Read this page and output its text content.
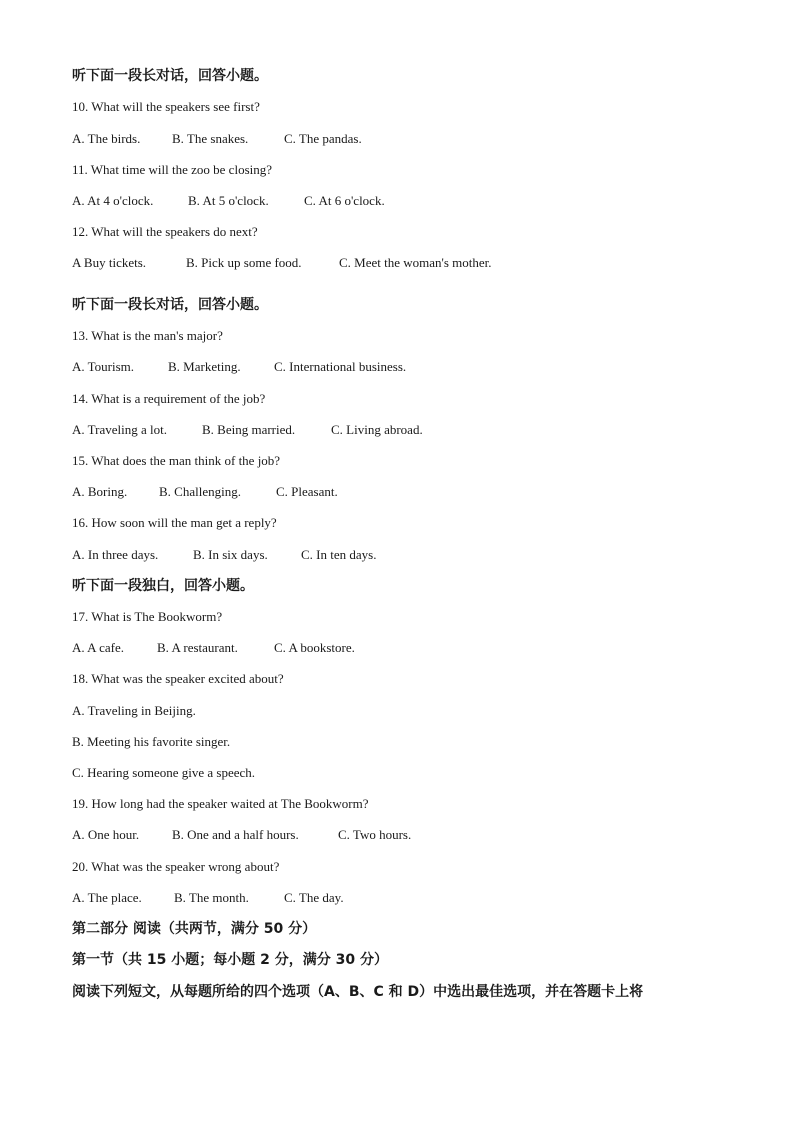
听下面一段长对话，回答小题。
10. What will the speakers see first?
A. The birds. B. The snakes.	C. The pandas.
11. What time will the zoo be closing?
A. At 4 o'clock.	B. At 5 o'clock.	C. At 6 o'clock.
12. What will the speakers do next?
A Buy tickets.	B. Pick up some food.	C. Meet the woman's mother.
听下面一段长对话，回答小题。
13. What is the man's major?
A. Tourism.	B. Marketing.	C. International business.
14. What is a requirement of the job?
A. Traveling a lot.	B. Being married.	C. Living abroad.
15. What does the man think of the job?
A. Boring. B. Challenging.	C. Pleasant.
16. How soon will the man get a reply?
A. In three days.	B. In six days.	C. In ten days.
听下面一段独白，回答小题。
17. What is The Bookworm?
A. A cafe.	B. A restaurant.	C. A bookstore.
18. What was the speaker excited about?
A. Traveling in Beijing.
B. Meeting his favorite singer.
C. Hearing someone give a speech.
19. How long had the speaker waited at The Bookworm?
A. One hour.	B. One and a half hours.	C. Two hours.
20. What was the speaker wrong about?
A. The place. B. The month.	C. The day.
第二部分 阅读（共两节，满分 50 分）
第一节（共 15 小题；每小题 2 分，满分 30 分）
阅读下列短文，从每题所给的四个选项（A、B、C 和 D）中选出最佳选项，并在答题卡上将
